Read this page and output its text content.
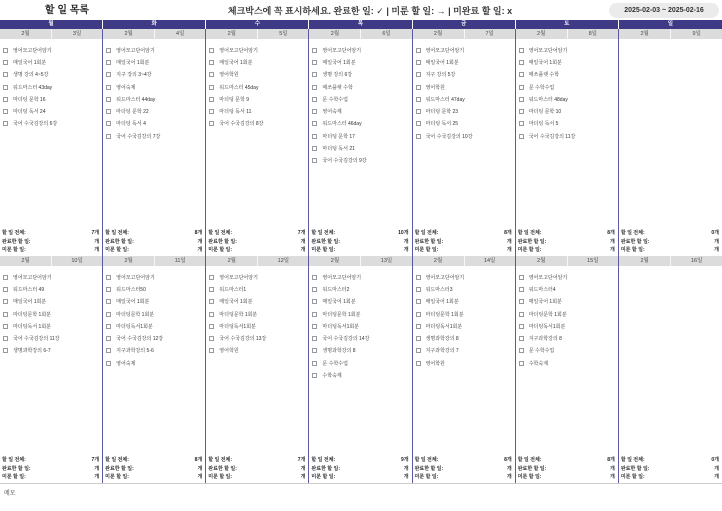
할 일 목록	체크박스에 꼭 표시하세요. 완료한 일: ✓ | 미룬 할 일: → | 미완료 할 일: x	2025-02-03 ~ 2025-02-16
월	화	수	목	금	토	일
2월	3일
영어모고단어암기
매일국어 1회분
생명 강의 4~5강
워드마스터 43day
마더텅 문학 16
마더텅 독서 24
국어 수국김강의 6강
할 일 전체:	7개
완료한 할 일:	개
미룬 할 일:	개
2월	4일
영어모고단어암기
매일국어 1회분
지구 강의 3~4강
영어숙제
워드마스터 44day
마더텅 문학 22
마더텅 독서 4
국어 수국김강의 7강
할 일 전체:	8개
완료한 할 일:	개
미룬 할 일:	개
2월	5일
영어모고단어암기
매일국어 1회분
영어학원
워드마스터 45day
마더텅 문학 9
마더텅 독서 11
국어 수국김강의 8강
할 일 전체:	7개
완료한 할 일:	개
미룬 할 일:	개
2월	6일
영어모고단어암기
매일국어 1회분
생명 강의 6강
매쓰플랫 수학
문 수학수업
영어숙제
워드마스터 46day
마더텅 문학 17
마더텅 독서 21
국어 수국김강의 9강
할 일 전체:	10개
완료한 할 일:	개
미룬 할 일:	개
2월	7일
영어모고단어암기
매일국어 1회분
지구 강의 5강
영어학원
워드마스터 47day
마더텅 문학 23
마더텅 독서 25
국어 수국김강의 10강
할 일 전체:	8개
완료한 할 일:	개
미룬 할 일:	개
2월	8일
영어모고단어암기
매일국어 1회분
매쓰플랫 수학
문 수학수업
워드마스터 48day
마더텅 문학 10
마더텅 독서 5
국어 수국김강의 11강
할 일 전체:	8개
완료한 할 일:	개
미룬 할 일:	개
2월	9일
할 일 전체:	0개
완료한 할 일:	개
미룬 할 일:	개
2월	10일
영어모고단어암기
워드마스터 49
매일국어 1회분
마더텅문학 1회분
마더텅독서 1회분
국어 수국김강의 11강
생명과학강의 6-7
할 일 전체:	7개
완료한 할 일:	개
미룬 할 일:	개
2월	11일
영어모고단어암기
워드마스터50
매일국어 1회분
마더텅문학 1회분
마더텅독서1회분
국어 수국김강의 12강
지구과학강의 5-6
영어숙제
할 일 전체:	8개
완료한 할 일:	개
미룬 할 일:	개
2월	12일
영어모고단어암기
워드마스터1
매일국어 1회분
마더텅문학 1회분
마더텅독서1회분
국어 수국김강의 13강
영어학원
할 일 전체:	7개
완료한 할 일:	개
미룬 할 일:	개
2월	13일
영어모고단어암기
워드마스터2
매일국어 1회분
마더텅문학 1회분
마더텅독서1회분
국어 수국김강의 14강
생명과학강의 8
문 수학수업
수학숙제
할 일 전체:	9개
완료한 할 일:	개
미룬 할 일:	개
2월	14일
영어모고단어암기
워드마스터3
매일국어 1회분
마더텅문학 1회분
마더텅독서1회분
생명과학강의 8
지구과학강의 7
영어학원
할 일 전체:	8개
완료한 할 일:	개
미룬 할 일:	개
2월	15일
영어모고단어암기
워드마스터4
매일국어 1회분
마더텅문학 1회분
마더텅독서1회분
지구과학강의 8
문 수학수업
수학숙제
할 일 전체:	8개
완료한 할 일:	개
미룬 할 일:	개
2월	16일
할 일 전체:	0개
완료한 할 일:	개
미룬 할 일:	개
메모
